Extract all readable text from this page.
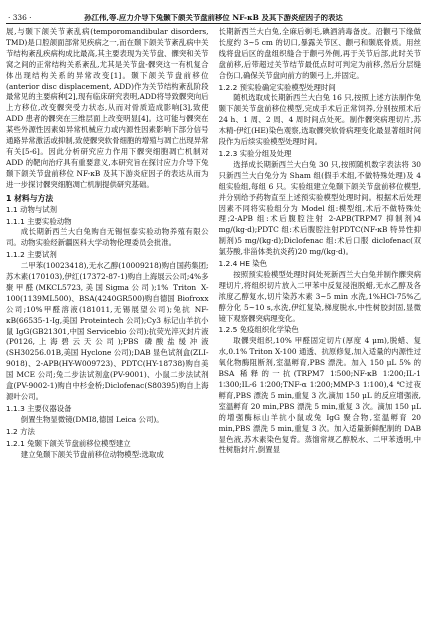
· 336 ·	孙江伟,等.应力介导下兔颞下颌关节盘前移位 NF-κB 及其下游炎症因子的表达

展,与颞下颌关节紊乱病(temporomandibular disorders, TMD)是口腔颌面部常见疾病之一,而在颞下颌关节紊乱病中关节结构紊乱疾病构成比最高,其主要表现为关节盘、髁突和关节窝之间的正常结构关系紊乱,尤其是关节盘-髁突这一有机复合体出现结构关系的异常改变[1]。颞下颌关节盘前移位(anterior disc displacement, ADD)作为关节结构紊乱阶段最常见的主要病种[2],现有临床研究表明,ADD将导致髁突向后上方移位,改变髁突受力状态,从而对骨质造成影响[3],致使 ADD 患者的髁突在三维层面上改变明显[4]。这可能与髁突在某些外源性因素如异常机械应力或内源性因素影响下部分信号通路异常激活或抑制,致使髁突软骨细胞的增殖与凋亡出现异常有关[5-6]。因此分析研究应力作用下髁突细胞凋亡机制对 ADD 的靶向治疗具有重要意义,本研究旨在探讨应力介导下兔颞下颌关节盘前移位 NF-κB 及其下游炎症因子的表达从而为进一步探讨髁突细胞凋亡机制提供研究基础。

1 材料与方法
1.1 动物与试剂
1.1.1 主要实验动物

成长期新西兰大白兔购自无锡恒泰实验动物养殖有限公司。动物实验经新疆医科大学动物伦理委员会批准。

1.1.2 主要试剂

二甲苯(10023418),无水乙醇(10009218)购自国药集团;苏木素(170103),伊红(17372-87-1)购自上海展云公司;4%多聚甲醛(MKCL5723,美国Sigma公司);1% Triton X-100(1139ML500)、BSA(4240GR500)购自德国 Biofroxx 公司;10%甲醛溶液(181011,无锡展望公司);兔抗 NF-κB(66535-1-Ig,美国 Proteintech 公司);Cy3 标记山羊抗小鼠 IgG(GB21301,中国 Servicebio 公司);抗荧光淬灭封片液(P0126,上海碧云天公司);PBS 磷酸盐缓冲液(SH30256.01B,美国 Hyclone 公司);DAB 显色试剂盒(ZLI-9018)、2-APB(HY-W009723)、PDTC(HY-18738)购自美国 MCE 公司;兔二步法试剂盒(PV-9001)、小鼠二步法试剂盒(PV-9002-1)购自中杉金桥;Diclofenac(S80395)购自上海源叶公司。

1.1.3 主要仪器设备

倒置生物显微镜(DMI8,德国 Leica 公司)。

1.2 方法
1.2.1 兔颞下颌关节盘前移位模型建立

建立兔颞下颌关节盘前移位动物模型:选取成

长期新西兰大白兔,全麻后剃毛,碘酒消毒备皮。沿颧弓下缘做长度约 3~5 cm 的切口,暴露关节区、颧弓和颞底骨质。用丝线将盘后区的盘组织缝合于颧弓外侧,再于关节后部,此时关节盘前移,后带超过关节结节最低点时可判定为前移,然后分层缝合伤口,确保关节盘向前方的颞弓上,并固定。

1.2.2 预实验确定实验模型处理时间

随机选取成长期新西兰大白兔 16 只,按照上述方法制作兔颞下颌关节盘前移位模型,完成手术后正常饲养,分别按照术后 24 h、1 周、2 周、4 周时间点处死。制作髁突病理切片,苏木精-伊红(HE)染色观察,选取髁突软骨病理变化最显著组时间段作为后续实验模型处理时间。

1.2.3 实验分组及处理

选择成长期新西兰大白兔 30 只,按照随机数字表法将 30 只新西兰大白兔分为 Sham 组(假手术组,不做特殊处理)及 4 组实验组,每组 6 只。实验组建立兔颞下颌关节盘前移位模型,并分别给予药物直至上述预实验模型处理时间。根据术后处理因素不同将实验组分为 Model 组:模型组,术后不做特殊处理;2-APB 组:术后腹腔注射 2-APB(TRPM7 抑制剂)4 mg/(kg·d);PDTC 组:术后腹腔注射PDTC(NF-κB 特异性抑制剂)5 mg/(kg·d);Diclofenac 组:术后口服 diclofenac(双氯芬酸,非甾体类抗炎药)20 mg/(kg·d)。

1.2.4 HE 染色

按照预实验模型处理时间处死新西兰大白兔并制作髁突病理切片,将组织切片放入二甲苯中反复浸泡脱蜡,无水乙醇及各浓度乙醇复水,切片染苏木素 3~5 min 水洗,1%HCl-75%乙醇分化 5~10 s,水洗,伊红复染,梯度脱水,中性树胶封固,显微镜下观察髁突病理变化。

1.2.5 免疫组织化学染色

取髁突组织,10% 甲醛固定切片(厚度 4 μm),脱蜡、复水,0.1% Triton X-100 通透、抗原修复,加入适量的内源性过氧化物酶阻断剂,室温孵育,PBS 漂洗。加入 150 μL 5% 的 BSA 稀释的一抗(TRPM7 1∶500;NF-κB 1∶200;IL-1 1∶300;IL-6 1∶200;TNF-α 1∶200;MMP-3 1∶100),4 ℃过夜孵育,PBS 漂洗 5 min,重复 3 次,滴加 150 μL 的反应增强液,室温孵育 20 min,PBS 漂洗 5 min,重复 3 次。滴加 150 μL 的增强酶标山羊抗小鼠或兔 IgG 聚合物,室温孵育 20 min,PBS 漂洗 5 min,重复 3 次。加入适量新鲜配制的 DAB 显色液,苏木素染色复背。蒸馏常规乙醇脱水、二甲苯透明,中性树脂封片,倒置显
